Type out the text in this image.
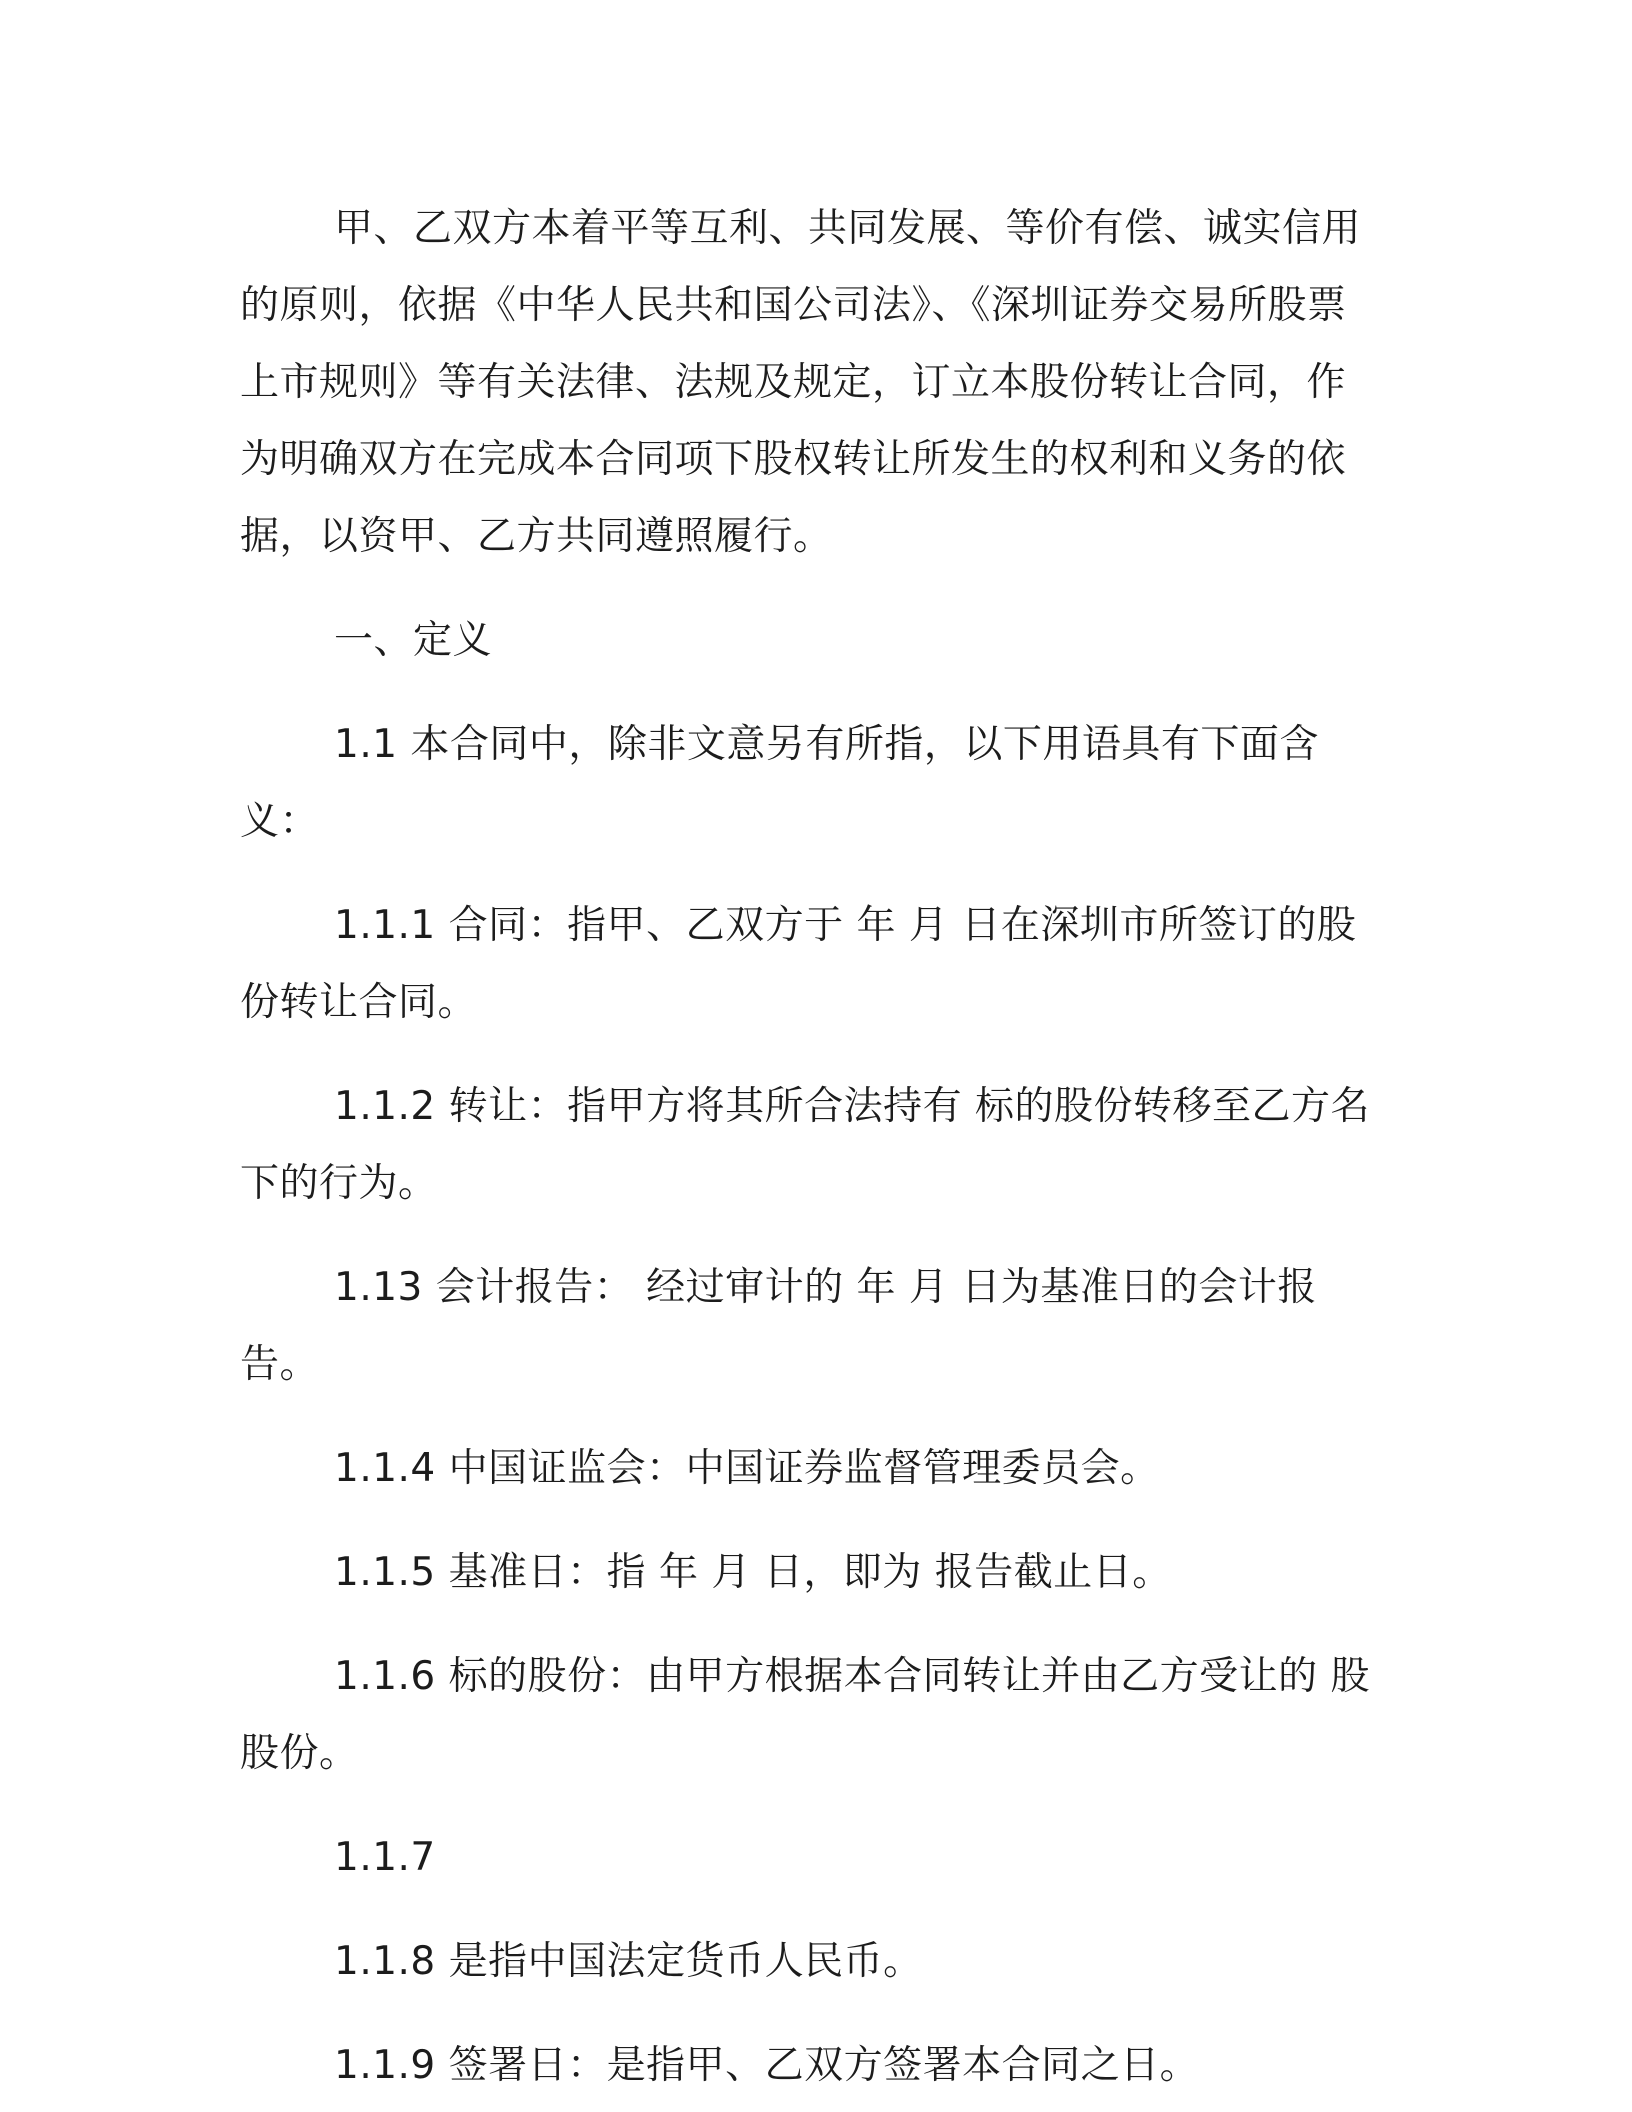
甲、乙双方本着平等互利、共同发展、等价有偿、诚实信用的原则，依据《中华人民共和国公司法》、《深圳证券交易所股票上市规则》等有关法律、法规及规定，订立本股份转让合同，作为明确双方在完成本合同项下股权转让所发生的权利和义务的依据，以资甲、乙方共同遵照履行。

一、定义

1.1 本合同中，除非文意另有所指，以下用语具有下面含义：

1.1.1 合同：指甲、乙双方于 年 月 日在深圳市所签订的股份转让合同。

1.1.2 转让：指甲方将其所合法持有 标的股份转移至乙方名下的行为。

1.13 会计报告： 经过审计的 年 月 日为基准日的会计报告。

1.1.4 中国证监会：中国证券监督管理委员会。

1.1.5 基准日：指 年 月 日，即为 报告截止日。

1.1.6 标的股份：由甲方根据本合同转让并由乙方受让的 股股份。

1.1.7

1.1.8 是指中国法定货币人民币。

1.1.9 签署日：是指甲、乙双方签署本合同之日。
